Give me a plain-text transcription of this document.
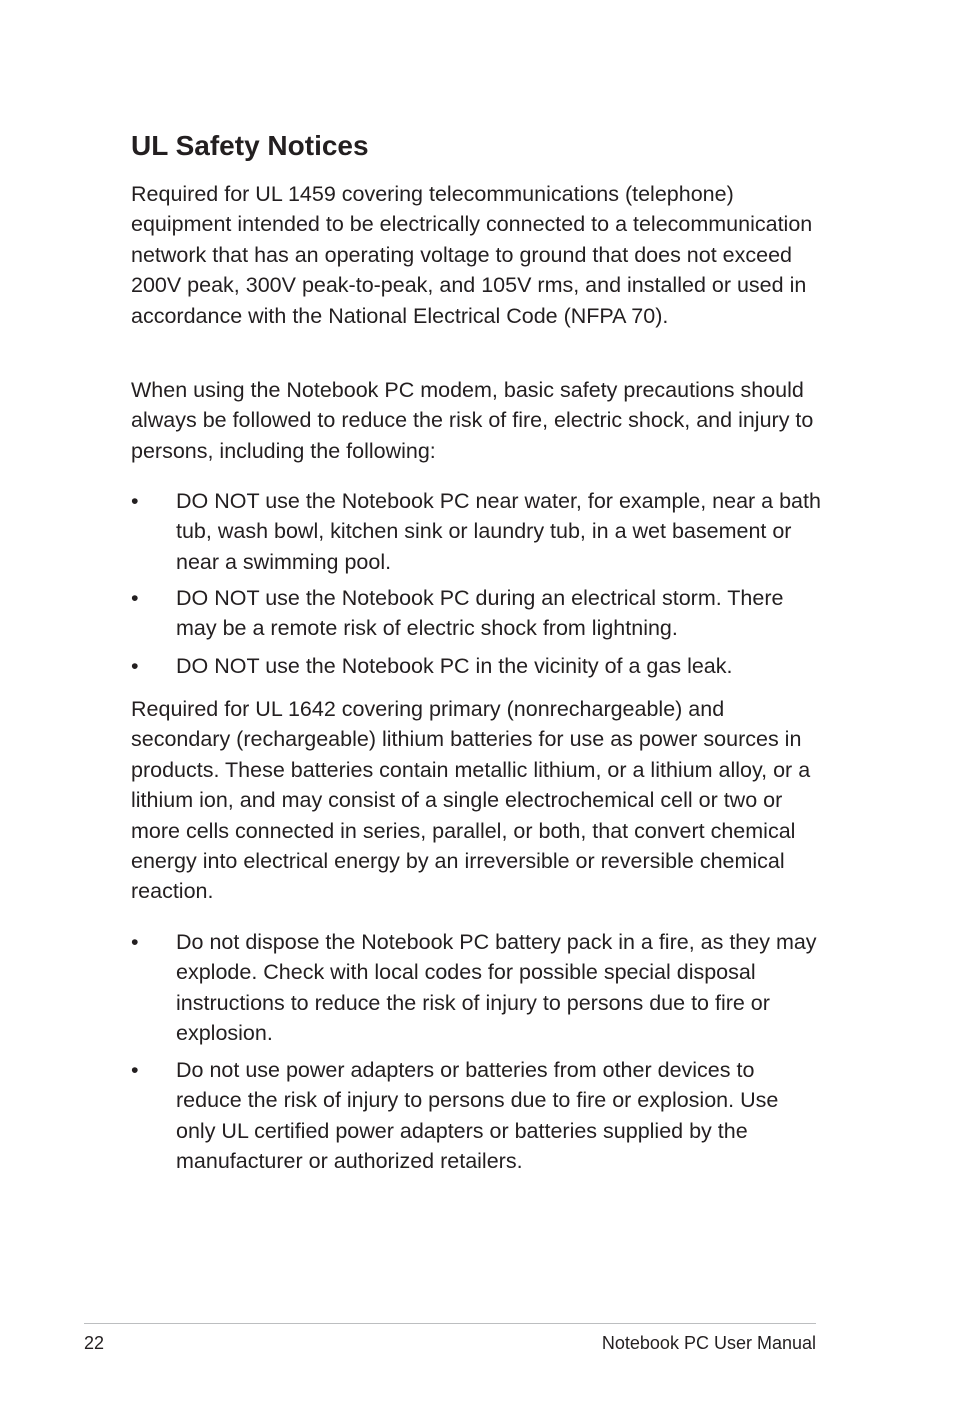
UL Safety Notices

Required for UL 1459 covering telecommunications (telephone) equipment intended to be electrically connected to a telecommunication network that has an operating voltage to ground that does not exceed 200V peak, 300V peak-to-peak, and 105V rms, and installed or used in accordance with the National Electrical Code (NFPA 70).

When using the Notebook PC modem, basic safety precautions should always be followed to reduce the risk of fire, electric shock, and injury to persons, including the following:

•	DO NOT use the Notebook PC near water, for example, near a bath tub, wash bowl, kitchen sink or laundry tub, in a wet basement or near a swimming pool.
•	DO NOT use the Notebook PC during an electrical storm. There may be a remote risk of electric shock from lightning.
•	DO NOT use the Notebook PC in the vicinity of a gas leak.

Required for UL 1642 covering primary (nonrechargeable) and secondary (rechargeable) lithium batteries for use as power sources in products. These batteries contain metallic lithium, or a lithium alloy, or a lithium ion, and may consist of a single electrochemical cell or two or more cells connected in series, parallel, or both, that convert chemical energy into electrical energy by an irreversible or reversible chemical reaction.

•	Do not dispose the Notebook PC battery pack in a fire, as they may explode. Check with local codes for possible special disposal instructions to reduce the risk of injury to persons due to fire or explosion.
•	Do not use power adapters or batteries from other devices to reduce the risk of injury to persons due to fire or explosion. Use only UL certified power adapters or batteries supplied by the manufacturer or authorized retailers.
22	Notebook PC User Manual
